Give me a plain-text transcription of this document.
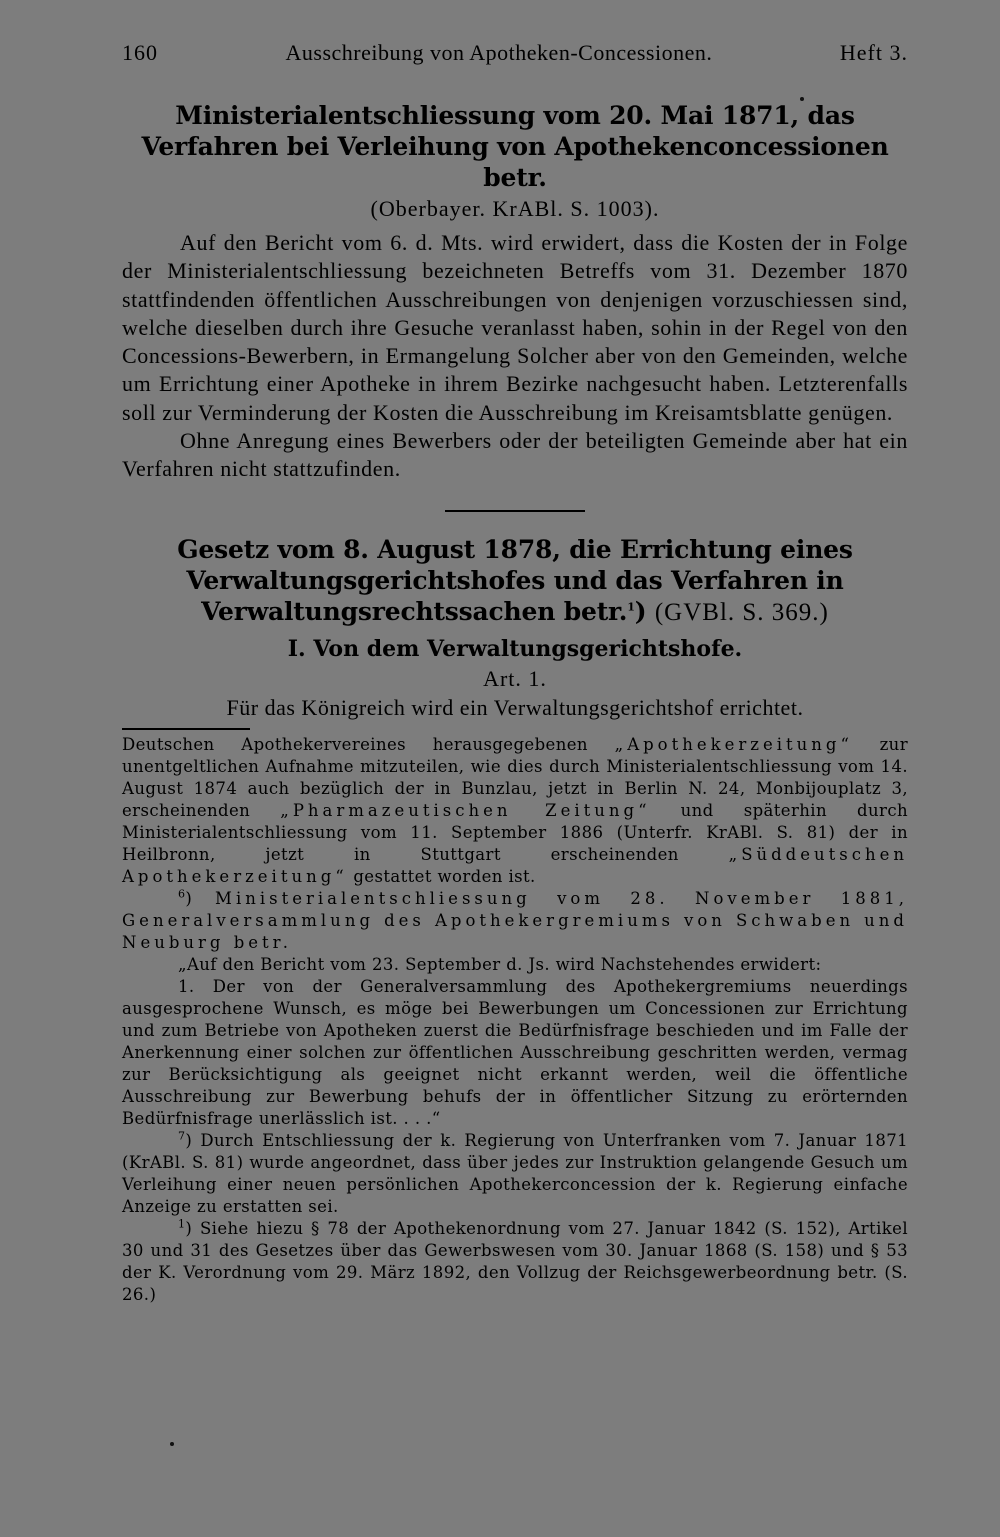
160	Ausschreibung von Apotheken-Concessionen.	Heft 3.
Ministerialentschliessung vom 20. Mai 1871, das Verfahren bei Verleihung von Apothekenconcessionen betr.
(Oberbayer. KrABl. S. 1003).

Auf den Bericht vom 6. d. Mts. wird erwidert, dass die Kosten der in Folge der Ministerialentschliessung bezeichneten Betreffs vom 31. Dezember 1870 stattfindenden öffentlichen Ausschreibungen von denjenigen vorzuschiessen sind, welche dieselben durch ihre Gesuche veranlasst haben, sohin in der Regel von den Concessions-Bewerbern, in Ermangelung Solcher aber von den Gemeinden, welche um Errichtung einer Apotheke in ihrem Bezirke nachgesucht haben. Letzterenfalls soll zur Verminderung der Kosten die Ausschreibung im Kreisamtsblatte genügen.

Ohne Anregung eines Bewerbers oder der beteiligten Gemeinde aber hat ein Verfahren nicht stattzufinden.

Gesetz vom 8. August 1878, die Errichtung eines Verwaltungsgerichtshofes und das Verfahren in Verwaltungsrechtssachen betr.$^1$) (GVBl. S. 369.)
I. Von dem Verwaltungsgerichtshofe.
Art. 1.
Für das Königreich wird ein Verwaltungsgerichtshof errichtet.

Deutschen Apothekervereines herausgegebenen „Apothekerzeitung“ zur unentgeltlichen Aufnahme mitzuteilen, wie dies durch Ministerialentschliessung vom 14. August 1874 auch bezüglich der in Bunzlau, jetzt in Berlin N. 24, Monbijouplatz 3, erscheinenden „Pharmazeutischen Zeitung“ und späterhin durch Ministerialentschliessung vom 11. September 1886 (Unterfr. KrABl. S. 81) der in Heilbronn, jetzt in Stuttgart erscheinenden „Süddeutschen Apothekerzeitung“ gestattet worden ist.

$^6$) Ministerialentschliessung vom 28. November 1881, Generalversammlung des Apothekergremiums von Schwaben und Neuburg betr.

„Auf den Bericht vom 23. September d. Js. wird Nachstehendes erwidert:

1. Der von der Generalversammlung des Apothekergremiums neuerdings ausgesprochene Wunsch, es möge bei Bewerbungen um Concessionen zur Errichtung und zum Betriebe von Apotheken zuerst die Bedürfnisfrage beschieden und im Falle der Anerkennung einer solchen zur öffentlichen Ausschreibung geschritten werden, vermag zur Berücksichtigung als geeignet nicht erkannt werden, weil die öffentliche Ausschreibung zur Bewerbung behufs der in öffentlicher Sitzung zu erörternden Bedürfnisfrage unerlässlich ist. . . .“

$^7$) Durch Entschliessung der k. Regierung von Unterfranken vom 7. Januar 1871 (KrABl. S. 81) wurde angeordnet, dass über jedes zur Instruktion gelangende Gesuch um Verleihung einer neuen persönlichen Apothekerconcession der k. Regierung einfache Anzeige zu erstatten sei.

$^1$) Siehe hiezu § 78 der Apothekenordnung vom 27. Januar 1842 (S. 152), Artikel 30 und 31 des Gesetzes über das Gewerbswesen vom 30. Januar 1868 (S. 158) und § 53 der K. Verordnung vom 29. März 1892, den Vollzug der Reichsgewerbeordnung betr. (S. 26.)
